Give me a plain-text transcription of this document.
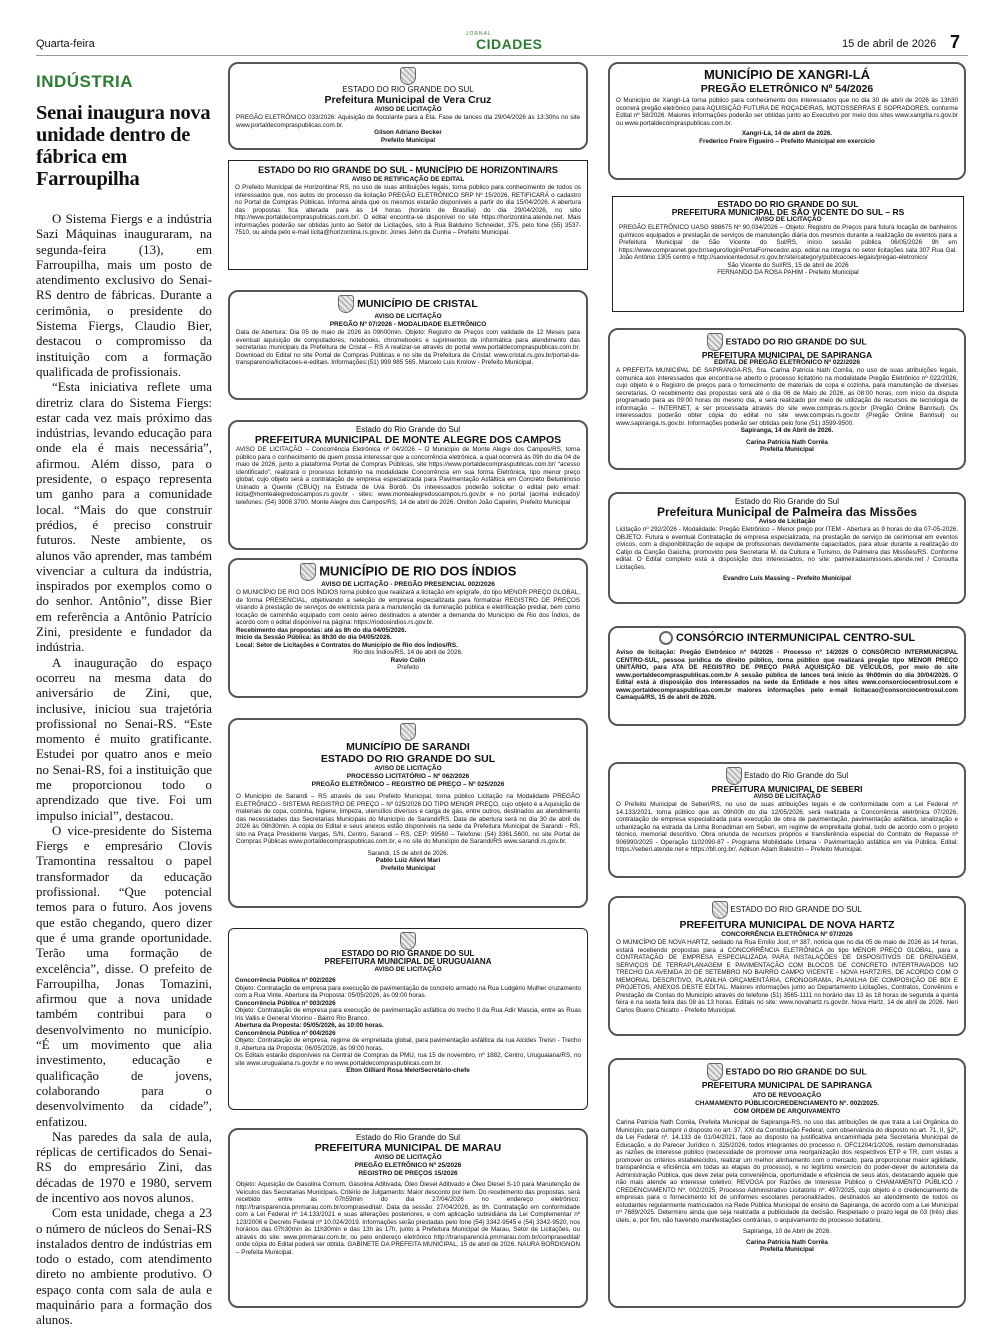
Quarta-feira
JORNAL
CIDADES	15 de abril de 2026 7
INDÚSTRIA
Senai inaugura nova unidade dentro de fábrica em Farroupilha

O Sistema Fiergs e a indústria Sazi Máquinas inauguraram, na segunda-feira (13), em Farroupilha, mais um posto de atendimento exclusivo do Senai-RS dentro de fábricas. Durante a cerimônia, o presidente do Sistema Fiergs, Claudio Bier, destacou o compromisso da instituição com a formação qualificada de profissionais.

“Esta iniciativa reflete uma diretriz clara do Sistema Fiergs: estar cada vez mais próximo das indústrias, levando educação para onde ela é mais necessária”, afirmou. Além disso, para o presidente, o espaço representa um ganho para a comunidade local. “Mais do que construir prédios, é preciso construir futuros. Neste ambiente, os alunos vão aprender, mas também vivenciar a cultura da indústria, inspirados por exemplos como o do senhor. Antônio”, disse Bier em referência a Antônio Patrício Zini, presidente e fundador da indústria.

A inauguração do espaço ocorreu na mesma data do aniversário de Zini, que, inclusive, iniciou sua trajetória profissional no Senai-RS. “Este momento é muito gratificante. Estudei por quatro anos e meio no Senai-RS, foi a instituição que me proporcionou todo o aprendizado que tive. Foi um impulso inicial”, destacou.

O vice-presidente do Sistema Fiergs e empresário Clovis Tramontina ressaltou o papel transformador da educação profissional. “Que potencial temos para o futuro. Aos jovens que estão chegando, quero dizer que é uma grande oportunidade. Terão uma formação de excelência”, disse. O prefeito de Farroupilha, Jonas Tomazini, afirmou que a nova unidade também contribui para o desenvolvimento no município. “É um movimento que alia investimento, educação e qualificação de jovens, colaborando para o desenvolvimento da cidade”, enfatizou.

Nas paredes da sala de aula, réplicas de certificados do Senai-RS do empresário Zini, das décadas de 1970 e 1980, servem de incentivo aos novos alunos.

Com esta unidade, chega a 23 o número de núcleos do Senai-RS instalados dentro de indústrias em todo o estado, com atendimento direto no ambiente produtivo. O espaço conta com sala de aula e maquinário para a formação dos alunos.

ESTADO DO RIO GRANDE DO SUL
Prefeitura Municipal de Vera Cruz
AVISO DE LICITAÇÃO
PREGÃO ELETRÔNICO 033/2026: Aquisição de floculante para a Eta. Fase de lances dia 29/04/2026 às 13:30hs no site www.portaldecompraspublicas.com.br.
Gilson Adriano Becker
Prefeito Municipal
ESTADO DO RIO GRANDE DO SUL - MUNICÍPIO DE HORIZONTINA/RS
AVISO DE RETIFICAÇÃO DE EDITAL
O Prefeito Municipal de Horizontina/ RS, no uso de suas atribuições legais, torna público para conhecimento de todos os interessados que, nos autos do processo da licitação PREGÃO ELETRÔNICO SRP Nº 15/2026, RETIFICARÁ o cadastro no Portal de Compras Públicas. Informa ainda que os mesmos estarão disponíveis a partir do dia 15/04/2026. A abertura das propostas fica alterada para às 14 horas (horário de Brasília) do dia 29/04/2026, no sitio http://www.portaldecompraspublicas.com.br/. O edital encontra-se disponível no site https://horizontina.atende.net. Mais informações poderão ser obtidas junto ao Setor de Licitações, sito à Rua Balduino Schneider, 375, pelo fone (55) 3537-7510, ou ainda pelo e-mail licita@horizontina.rs.gov.br. Jones Jehn da Cunha – Prefeito Municipal.
MUNICÍPIO DE CRISTAL
AVISO DE LICITAÇÃO
PREGÃO Nº 07/2026 - MODALIDADE ELETRÔNICO
Data de Abertura: Dia 05 de maio de 2026 às 09h00min. Objeto: Registro de Preços com validade de 12 Meses para eventual aquisição de computadores, notebooks, chromebooks e suprimentos de informática para atendimento das secretarias municipais da Prefeitura de Cristal – RS A realizar-se através do portal www.portaldecompraspublicas.com.br. Download do Edital no site Portal de Compras Públicas e no site da Prefeitura de Cristal: www.cristal.rs.gov.br/portal-da-transparencia/licitacoes-e-editais. Informações:(51) 999 985 565. Marcelo Luis Krolow - Prefeito Municipal.
Estado do Rio Grande do Sul
PREFEITURA MUNICIPAL DE MONTE ALEGRE DOS CAMPOS
AVISO DE LICITAÇÃO – Concorrência Eletrônica nº 04/2026 – O Município de Monte Alegre dos Campos/RS, torna público para o conhecimento de quem possa interessar que a concorrência eletrônica, a qual ocorrerá às 09h do dia 04 de maio de 2026, junto a plataforma Portal de Compras Públicas, site https://www.portaldecompraspublicas.com.br/ “acesso identificado”, realizará o processo licitatório na modalidade Concorrência em sua forma Eletrônica, tipo menor preço global, cujo objeto será a contratação de empresa especializada para Pavimentação Asfáltica em Concreto Betuminoso Usinado a Quente (CBUQ) na Estrada de Uva Bordô. Os interessados poderão solicitar o edital pelo email: licita@montealegredoscampos.rs.gov.br - sites: www.montealegredoscampos.rs.gov.br e no portal (acima indicado)/ telefones: (54) 3908 3700. Monte Alegre dos Campos/RS, 14 de abril de 2026. Onilton João Capelini, Prefeito Municipal
MUNICÍPIO DE RIO DOS ÍNDIOS
AVISO DE LICITAÇÃO - PREGÃO PRESENCIAL 002/2026
O MUNICÍPIO DE RIO DOS ÍNDIOS torna público que realizará a licitação em epígrafe, do tipo MENOR PREÇO GLOBAL, de forma PRESENCIAL, objetivando a seleção de empresa especializada para formalizar REGISTRO DE PREÇOS visando à prestação de serviços de eletricista para a manutenção da iluminação pública e eletrificação predial, bem como locação de caminhão equipado com cesto aéreo destinados a atender a demanda do Município de Rio dos Índios, de acordo com o edital disponível na página: https://riodosindios.rs.gov.br.
Recebimento das propostas: até às 8h do dia 04/05/2026.
Início da Sessão Pública: às 8h30 do dia 04/05/2026.
Local: Setor de Licitações e Contratos do Município de Rio dos Índios/RS.
Rio dos Índios/RS, 14 de abril de 2026.
Ravio Colin
Prefeito
MUNICÍPIO DE SARANDI
ESTADO DO RIO GRANDE DO SUL
AVISO DE LICITAÇÃO
PROCESSO LICITATÓRIO – Nº 062/2026
PREGÃO ELETRÔNICO – REGISTRO DE PREÇO – Nº 025/2026
O Município de Sarandi – RS através de seu Prefeito Municipal, torna público Licitação na Modalidade PREGÃO ELETRÔNICO - SISTEMA REGISTRO DE PREÇO – Nº 025/2026 DO TIPO MENOR PREÇO, cujo objeto é a Aquisição de materiais de copa, cozinha, higiene, limpeza, utensílios diversos e carga de gás, entre outros, destinados ao atendimento das necessidades das Secretarias Municipais do Município de Sarandi/RS. Data de abertura será no dia 30 de abril de 2026 às 08h30min. A cópia do Edital e seus anexos estão disponíveis na sede da Prefeitura Municipal de Sarandi - RS, sito na Praça Presidente Vargas, S/N, Centro, Sarandi – RS, CEP: 99560 – Telefone: (54) 3361.5600, no site Portal de Compras Públicas www.portaldecompraspublicas.com.br, e no site do Município de Sarandi/RS www.sarandi.rs.gov.br.
Sarandi, 15 de abril de 2026.
Pablo Luiz Allevi Mari
Prefeito Municipal
ESTADO DO RIO GRANDE DO SUL
PREFEITURA MUNICIPAL DE URUGUAIANA
AVISO DE LICITAÇÃO
Concorrência Pública nº 002/2026
Objeto: Contratação de empresa para execução de pavimentação de concreto armado na Rua Ludgério Mulher cruzamento com a Rua Vinte. Abertura da Proposta: 05/05/2026, às 09:00 horas.
Concorrência Pública nº 003/2026
Objeto: Contratação de empresa para execução de pavimentação asfáltica do trecho II da Rua Adir Mascia, entre as Ruas Iris Vallis e General Vitorino - Bairro Rio Branco.
Abertura da Proposta: 05/05/2026, às 10:00 horas.
Concorrência Pública nº 004/2026
Objeto: Contratação de empresa, regime de empreitada global, para pavimentação asfáltica da rua Alcides Treisn - Trecho II. Abertura da Proposta: 06/05/2026, às 09:00 horas.
Os Editais estarão disponíveis na Central de Compras da PMU, rua 15 de novembro, nº 1882, Centro, Uruguaiana/RS, no site www.uruguaiana.rs.gov.br e no www.portaldecompraspublicas.com.br.
Elton Gilliard Rosa Melo/Secretário-chefe
Estado do Rio Grande do Sul
PREFEITURA MUNICIPAL DE MARAU
AVISO DE LICITAÇÃO
PREGÃO ELETRÔNICO Nº 25/2026
REGISTRO DE PREÇOS 15/2026
Objeto: Aquisição de Gasolina Comum, Gasolina Aditivada, Óleo Diesel Aditivado e Óleo Diesel S-10 para Manutenção de Veículos das Secretarias Municipais. Critério de Julgamento: Maior desconto por item. Do recebimento das propostas: será recebido entre às 07h59min do dia 27/04/2026 no endereço eletrônico: http://transparencia.pmmarau.com.br/comprasedital/. Data da sessão: 27/04/2026, às 8h. Contratação em conformidade com a Lei Federal nº 14.133/2021 e suas alterações posteriores, e com aplicação subsidiária da Lei Complementar nº 123/2006 e Decreto Federal nº 10.024/2019. Informações serão prestadas pelo fone (54) 3342-9545 e (54) 3342-9520, nos horários das 07h30min às 11h30min e das 13h às 17h, junto à Prefeitura Municipal de Marau, Setor de Licitações, ou através do site: www.pmmarau.com.br, ou pelo endereço eletrônico http://transparencia.pmmarau.com.br/comprasedital/ onde cópia do Edital poderá ser obtida. GABINETE DA PREFEITA MUNICIPAL, 15 de abril de 2026. NAURA BORDIGNON – Prefeita Municipal.
MUNICÍPIO DE XANGRI-LÁ
PREGÃO ELETRÔNICO Nº 54/2026
O Município de Xangri-Lá torna público para conhecimento dos interessados que no dia 30 de abril de 2026 às 13h30 ocorrerá pregão eletrônico para AQUISIÇÃO FUTURA DE ROÇADEIRAS, MOTOSSERRAS E SOPRADORES, conforme Edital nº 58/2026. Maiores informações poderão ser obtidas junto ao Executivo por meio dos sites www.xangrila.rs.gov.br ou www.portaldecompraspublicas.com.br.
Xangri-Lá, 14 de abril de 2026.
Frederico Freire Figueiró – Prefeito Municipal em exercício
ESTADO DO RIO GRANDE DO SUL
PREFEITURA MUNICIPAL DE SÃO VICENTE DO SUL – RS
AVISO DE LICITAÇÃO
PREGÃO ELETRÔNICO UASG 988675 Nº 90.034/2026 – Objeto: Registro de Preços para futura locação de banheiros químicos equipados e prestação de serviços de manutenção diária dos mesmos durante a realização de eventos para a Prefeitura Municipal de São Vicente do Sul/RS, início sessão pública 06/05/2026 9h em https://www.comprasnet.gov.br/seguro/loginPortalFornecedor.asp. edital na íntegra no setor licitações sala 307 Rua Gal. João Antônio 1305 centro e http://saovicentedosul.rs.gov.br/site/category/publicacoes-legais/pregao-eletronico/
São Vicente do Sul/RS, 15 de abril de 2026
FERNANDO DA ROSA PAHIM - Prefeito Municipal
ESTADO DO RIO GRANDE DO SUL
PREFEITURA MUNICIPAL DE SAPIRANGA
EDITAL DE PREGÃO ELETRÔNICO Nº 022/2026
A PREFEITA MUNICIPAL DE SAPIRANGA-RS, Sra. Carina Patrícia Nath Corrêa, no uso de suas atribuições legais, comunica aos interessados que encontra-se aberto o processo licitatório na modalidade Pregão Eletrônico nº 022/2026, cujo objeto é o Registro de preços para o fornecimento de materiais de copa e cozinha, para manutenção de diversas secretarias. O recebimento das propostas será até o dia 06 de Maio de 2026, as 08:00 horas, com início da disputa programado para as 09:00 horas do mesmo dia, e será realizado por meio de utilização de recursos de tecnologia de informação – INTERNET, a ser processada através do site www.compras.rs.gov.br (Pregão Online Banrisul). Os interessados poderão obter cópia do edital no site www.compras.rs.gov.br (Pregão Online Banrisul) ou www.sapiranga.rs.gov.br. Informações poderão ser obtidas pelo fone (51) 3599-9500.
Sapiranga, 14 de Abril de 2026.
Carina Patrícia Nath Corrêa
Prefeita Municipal
Estado do Rio Grande do Sul
Prefeitura Municipal de Palmeira das Missões
Aviso de Licitação
Licitação nº 292/2026 - Modalidade: Pregão Eletrônico – Menor preço por ITEM - Abertura as 9 horas do dia 07-05-2026. OBJETO: Futura e eventual Contratação de empresa especializada, na prestação de serviço de cerimonial em eventos cívicos, com a disponibilização de equipe de profissionais devidamente capacitados, para atuar durante a realização do Catijo da Canção Gaúcha, promovido pela Secretaria M. da Cultura e Turismo, de Palmeira das Missões/RS. Conforme edital. O Edital completo está à disposição dos interessados, no site: palmeiradasmissoes.atende.net / Consulta Licitações.
Evandro Luis Massing – Prefeito Municipal
CONSÓRCIO INTERMUNICIPAL CENTRO-SUL
Aviso de licitação: Pregão Eletrônico nº 04/2026 - Processo nº 14/2026 O CONSÓRCIO INTERMUNICIPAL CENTRO-SUL, pessoa jurídica de direito público, torna público que realizará pregão tipo MENOR PREÇO UNITÁRIO, para ATA DE REGISTRO DE PREÇO PARA AQUISIÇÃO DE VEÍCULOS, por meio do site www.portaldecompraspublicas.com.br A sessão pública de lances terá início às 9h00min do dia 30/04/2026. O Edital está à disposição dos interessados na sede da Entidade e nos sites www.consorciocentrosul.com e www.portaldecompraspublicas.com.br maiores informações pelo e-mail licitacao@consorciocentrosul.com Camaquã/RS, 15 de abril de 2026.
Estado do Rio Grande do Sul
PREFEITURA MUNICIPAL DE SEBERI
AVISO DE LICITAÇÃO
O Prefeito Municipal de Seberi/RS, no uso de suas atribuições legais e de conformidade com a Lei Federal nº 14.133/2021, torna público que as 09h00h do dia 12/05/2026, será realizada a Concorrência eletrônica 07/2026, contratação de empresa especializada para execução de obra de pavimentação, pavimentação asfáltica, sinalização e urbanização na estrada da Linha Bonadiman em Seberi, em regime de empreitada global, tudo de acordo com o projeto técnico, memorial descritivo. Obra oriunda de recursos próprios e transferência especial do Contrato de Repasse nº 906990/2025 - Operação 1102090-87 - Programa Mobilidade Urbana - Pavimentação asfáltica em via Pública. Edital: https://seberi.atende.net e https://bll.org.br/. Adilson Adam Balestrin – Prefeito Municipal.
ESTADO DO RIO GRANDE DO SUL
PREFEITURA MUNICIPAL DE NOVA HARTZ
CONCORRÊNCIA ELETRÔNICA Nº 07/2026
O MUNICÍPIO DE NOVA HARTZ, sediado na Rua Emílio Jost, nº 387, notícia que no dia 05 de maio de 2026 às 14 horas, estará recebendo propostas para a CONCORRÊNCIA ELETRÔNICA do tipo MENOR PREÇO GLOBAL, para a CONTRATAÇÃO DE EMPRESA ESPECIALIZADA PARA INSTALAÇÕES DE DISPOSITIVOS DE DRENAGEM, SERVIÇOS DE TERRAPLANAGEM E PAVIMENTAÇÃO COM BLOCOS DE CONCRETO INTERTRAVADOS NO TRECHO DA AVENIDA 20 DE SETEMBRO NO BAIRRO CAMPO VICENTE - NOVA HARTZ/RS, DE ACORDO COM O MEMORIAL DESCRITIVO, PLANILHA ORÇAMENTÁRIA, CRONOGRAMA, PLANILHA DE COMPOSIÇÃO DE BDI E PROJETOS, ANEXOS DESTE EDITAL. Maiores informações junto ao Departamento Licitações, Contratos, Convênios e Prestação de Contas do Município através do telefone (51) 3565-1111 no horário das 13 às 18 horas de segunda a quinta feira e na sexta feira das 08 às 13 horas. Editais no site: www.novahartz.rs.gov.br. Nova Hartz, 14 de abril de 2026. Neri Carlos Bueno Chicatto - Prefeito Municipal.
ESTADO DO RIO GRANDE DO SUL
PREFEITURA MUNICIPAL DE SAPIRANGA
ATO DE REVOGAÇÃO
CHAMAMENTO PÚBLICO/CREDENCIAMENTO Nº. 002/2025.
COM ORDEM DE ARQUIVAMENTO
Carina Patrícia Nath Corrêa, Prefeita Municipal de Sapiranga-RS, no uso das atribuições de que trata a Lei Orgânica do Município, para cumprir o disposto no art. 37, XXI da Constituição Federal, com observância do disposto no art. 71, II, §2º, da Lei Federal nº. 14.133 de 01/04/2021, face ao disposto na justificativa encaminhada pela Secretaria Municipal de Educação, e do Parecer Jurídico n. 325/2026, todos integrantes do processo n. OFC1204/1/2026, restam demonstradas as razões de interesse público (necessidade de promover uma reorganização dos respectivos ETP e TR, com vistas a promover os critérios estabelecidos, realizar um melhor alinhamento com o mercado, para proporcionar maior agilidade, transparência e eficiência em todas as etapas do processo), e no legítimo exercício do poder-dever de autotutela da Administração Pública, que deve zelar pela conveniência, oportunidade e eficiência de seus atos, destacando aquele que não mais atende ao interesse coletivo; REVOGA por Razões de Interesse Público o CHAMAMENTO PÚBLICO / CREDENCIAMENTO Nº. 002/2025, Processo Administrativo Licitatório nº. 497/2025, cujo objeto é o credenciamento de empresas para o fornecimento kit de uniformes escolares personalizados, destinados ao atendimento de todos os estudantes regularmente matriculados na Rede Pública Municipal de ensino de Sapiranga, de acordo com a Lei Municipal nº 7689/2025. Determino ainda que seja realizada a publicidade da decisão. Respeitado o prazo legal de 03 (três) dias úteis, e, por fim, não havendo manifestações contrárias, o arquivamento do processo licitatório.
Sapiranga, 10 de Abril de 2026.
Carina Patrícia Nath Corrêa
Prefeita Municipal
